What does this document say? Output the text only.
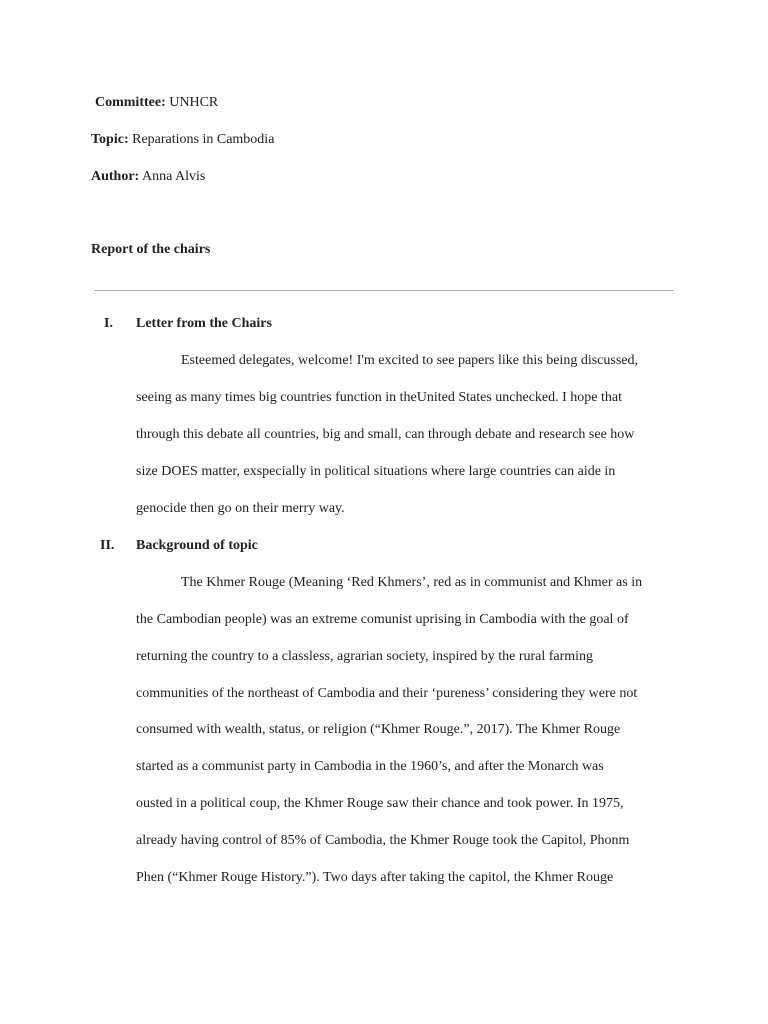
Committee: UNHCR
Topic: Reparations in Cambodia
Author: Anna Alvis
Report of the chairs
I. Letter from the Chairs
Esteemed delegates, welcome! I'm excited to see papers like this being discussed,
seeing as many times big countries function in theUnited States unchecked. I hope that
through this debate all countries, big and small, can through debate and research see how
size DOES matter, exspecially in political situations where large countries can aide in
genocide then go on their merry way.
II. Background of topic
The Khmer Rouge (Meaning ‘Red Khmers’, red as in communist and Khmer as in
the Cambodian people) was an extreme comunist uprising in Cambodia with the goal of
returning the country to a classless, agrarian society, inspired by the rural farming
communities of the northeast of Cambodia and their ‘pureness’ considering they were not
consumed with wealth, status, or religion (“Khmer Rouge.”, 2017). The Khmer Rouge
started as a communist party in Cambodia in the 1960’s, and after the Monarch was
ousted in a political coup, the Khmer Rouge saw their chance and took power. In 1975,
already having control of 85% of Cambodia, the Khmer Rouge took the Capitol, Phonm
Phen (“Khmer Rouge History.”). Two days after taking the capitol, the Khmer Rouge
